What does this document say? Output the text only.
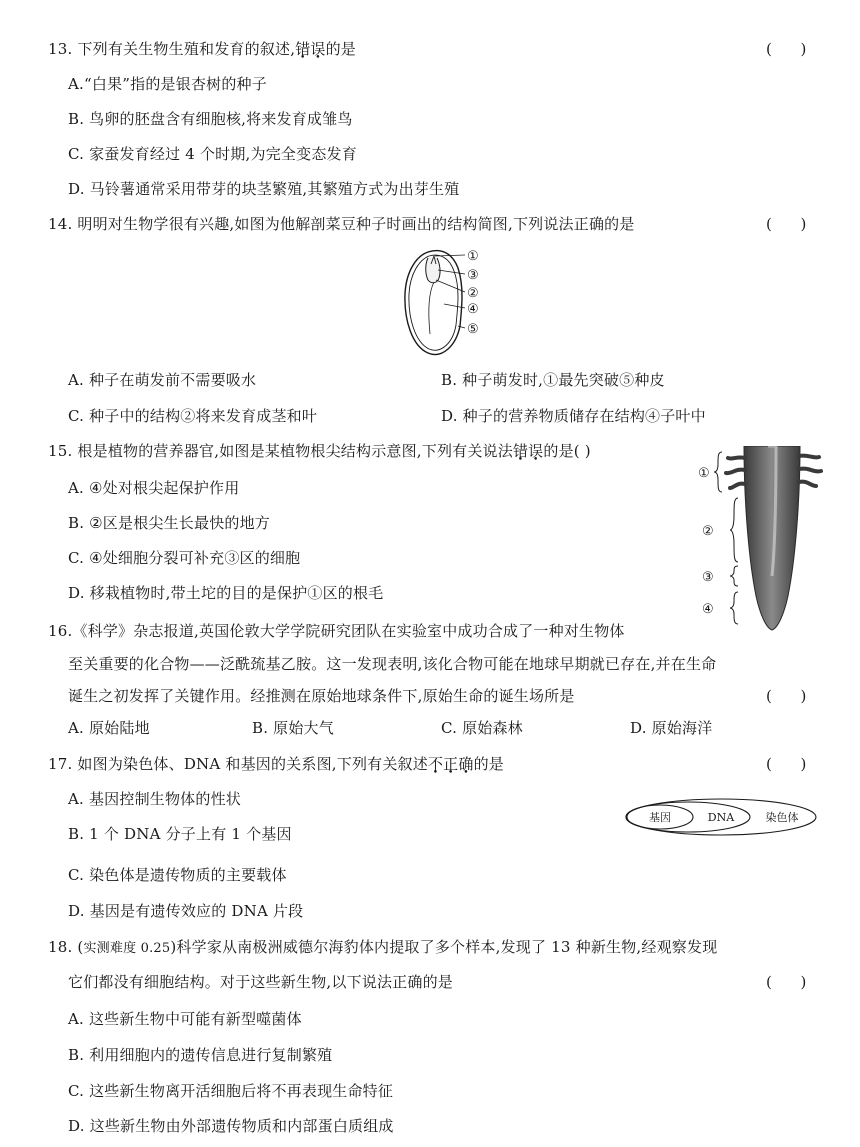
13. 下列有关生物生殖和发育的叙述,错误的是	(      )
A.“白果”指的是银杏树的种子
B. 鸟卵的胚盘含有细胞核,将来发育成雏鸟
C. 家蚕发育经过 4 个时期,为完全变态发育
D. 马铃薯通常采用带芽的块茎繁殖,其繁殖方式为出芽生殖
14. 明明对生物学很有兴趣,如图为他解剖菜豆种子时画出的结构简图,下列说法正确的是	(      )
①
③
②
④
⑤
A. 种子在萌发前不需要吸水	B. 种子萌发时,①最先突破⑤种皮
C. 种子中的结构②将来发育成茎和叶	D. 种子的营养物质储存在结构④子叶中
15. 根是植物的营养器官,如图是某植物根尖结构示意图,下列有关说法错误的是( )
A. ④处对根尖起保护作用
B. ②区是根尖生长最快的地方
C. ④处细胞分裂可补充③区的细胞
D. 移栽植物时,带土坨的目的是保护①区的根毛
①
②
③
④
16.《科学》杂志报道,英国伦敦大学学院研究团队在实验室中成功合成了一种对生物体
至关重要的化合物——泛酰巯基乙胺。这一发现表明,该化合物可能在地球早期就已存在,并在生命
诞生之初发挥了关键作用。经推测在原始地球条件下,原始生命的诞生场所是	(      )
A. 原始陆地	B. 原始大气	C. 原始森林	D. 原始海洋
17. 如图为染色体、DNA 和基因的关系图,下列有关叙述不正确的是	(      )
A. 基因控制生物体的性状
B. 1 个 DNA 分子上有 1 个基因
C. 染色体是遗传物质的主要载体
D. 基因是有遗传效应的 DNA 片段
基因	DNA	染色体
18. (实测难度 0.25)科学家从南极洲威德尔海豹体内提取了多个样本,发现了 13 种新生物,经观察发现
它们都没有细胞结构。对于这些新生物,以下说法正确的是	(      )
A. 这些新生物中可能有新型噬菌体
B. 利用细胞内的遗传信息进行复制繁殖
C. 这些新生物离开活细胞后将不再表现生命特征
D. 这些新生物由外部遗传物质和内部蛋白质组成
